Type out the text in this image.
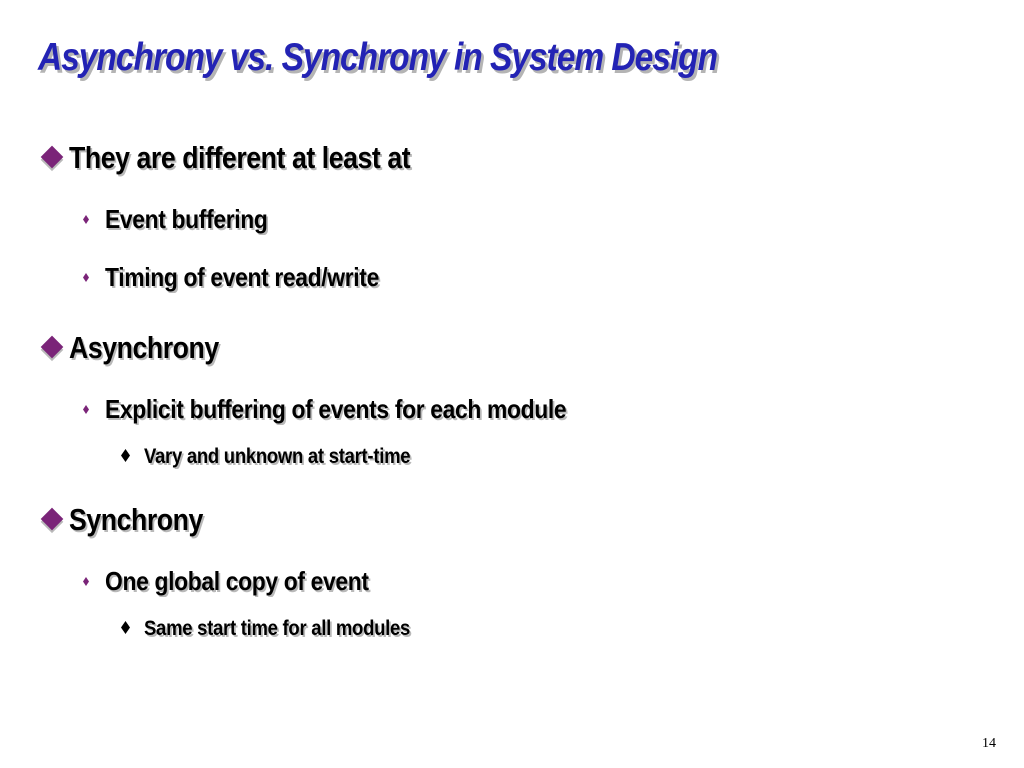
Asynchrony vs. Synchrony in System Design
They are different at least at
Event buffering
Timing of event read/write
Asynchrony
Explicit buffering of events for each module
Vary and unknown at start-time
Synchrony
One global copy of event
Same start time for all modules
14
